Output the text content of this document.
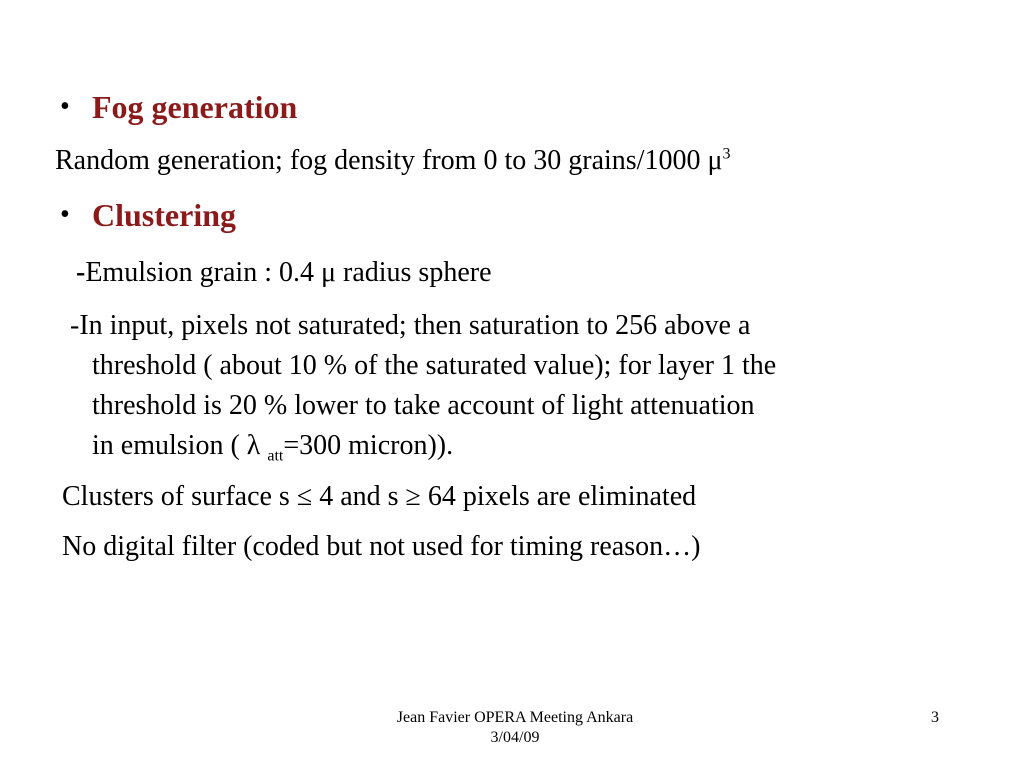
• Fog generation
Random generation; fog density from 0 to 30 grains/1000 $\mu^3$
• Clustering
-Emulsion grain : 0.4 μ radius sphere
-In input, pixels not saturated; then saturation to 256 above a
threshold ( about 10 % of the saturated value); for layer 1 the
threshold is 20 % lower to take account of light attenuation
in emulsion ( λ $_{att}$=300 micron)).
Clusters of surface s ≤ 4 and s ≥ 64 pixels are eliminated
No digital filter (coded but not used for timing reason…)
Jean Favier OPERA Meeting Ankara
3/04/09
3
